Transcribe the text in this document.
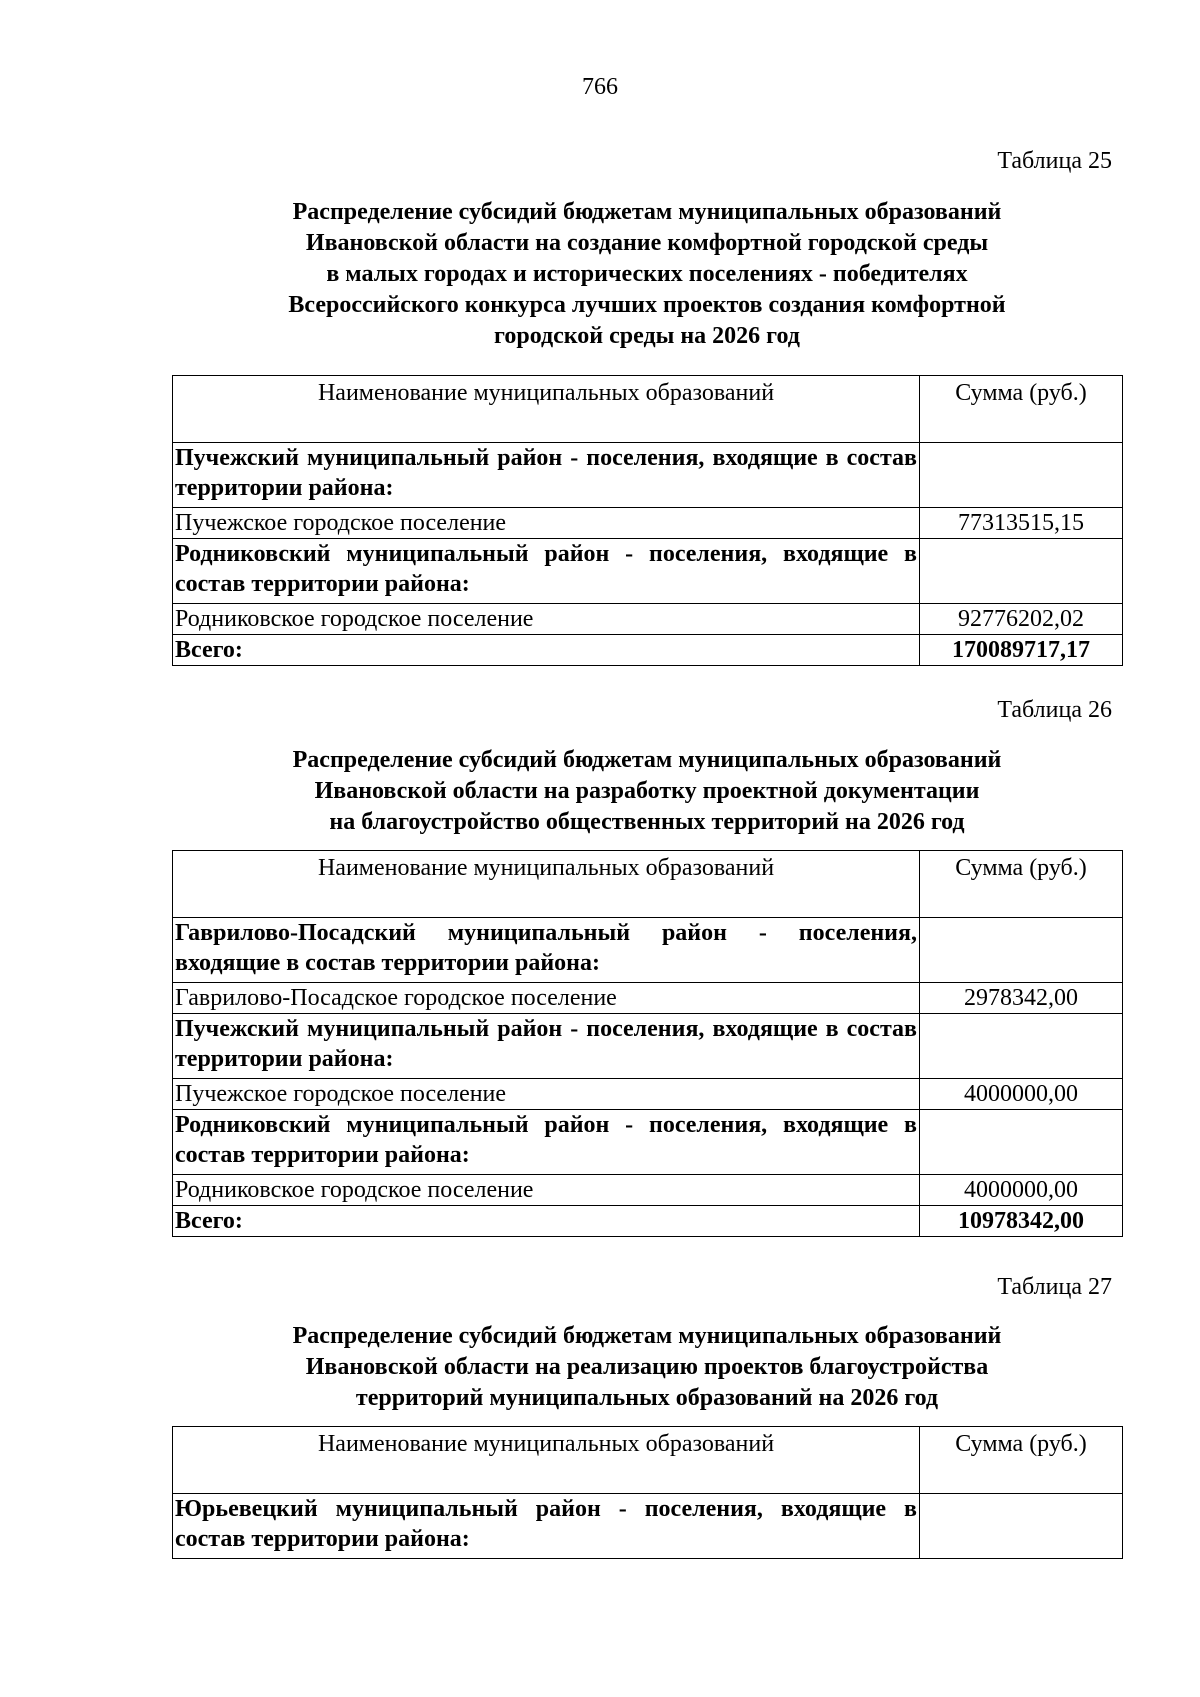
766
Таблица 25
Распределение субсидий бюджетам муниципальных образований
Ивановской области на создание комфортной городской среды
в малых городах и исторических поселениях - победителях
Всероссийского конкурса лучших проектов создания комфортной
городской среды на 2026 год
Наименование муниципальных образований	Сумма (руб.)
Пучежский муниципальный район - поселения, входящие в состав территории района:	
Пучежское городское поселение	77313515,15
Родниковский муниципальный район - поселения, входящие в состав территории района:	
Родниковское городское поселение	92776202,02
Всего:	170089717,17
Таблица 26
Распределение субсидий бюджетам муниципальных образований
Ивановской области на разработку проектной документации
на благоустройство общественных территорий на 2026 год
Наименование муниципальных образований	Сумма (руб.)
Гаврилово-Посадский муниципальный район - поселения, входящие в состав территории района:	
Гаврилово-Посадское городское поселение	2978342,00
Пучежский муниципальный район - поселения, входящие в состав территории района:	
Пучежское городское поселение	4000000,00
Родниковский муниципальный район - поселения, входящие в состав территории района:	
Родниковское городское поселение	4000000,00
Всего:	10978342,00
Таблица 27
Распределение субсидий бюджетам муниципальных образований
Ивановской области на реализацию проектов благоустройства
территорий муниципальных образований на 2026 год
Наименование муниципальных образований	Сумма (руб.)
Юрьевецкий муниципальный район - поселения, входящие в состав территории района:	
